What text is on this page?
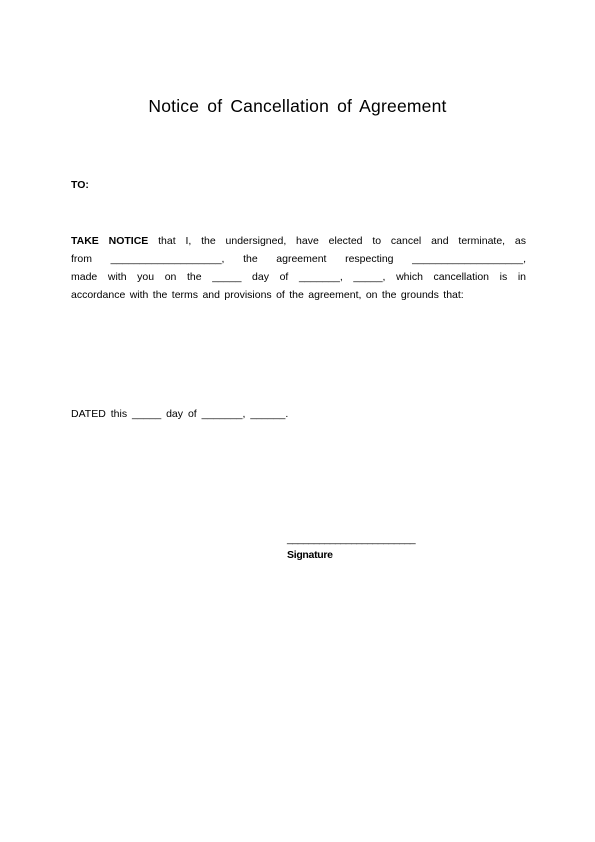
Notice of Cancellation of Agreement
TO:
TAKE NOTICE that I, the undersigned, have elected to cancel and terminate, as
from ___________________, the agreement respecting ___________________,
made with you on the _____ day of _______, _____, which cancellation is in
accordance with the terms and provisions of the agreement, on the grounds that:
DATED this _____ day of _______, ______.
________________________
Signature
